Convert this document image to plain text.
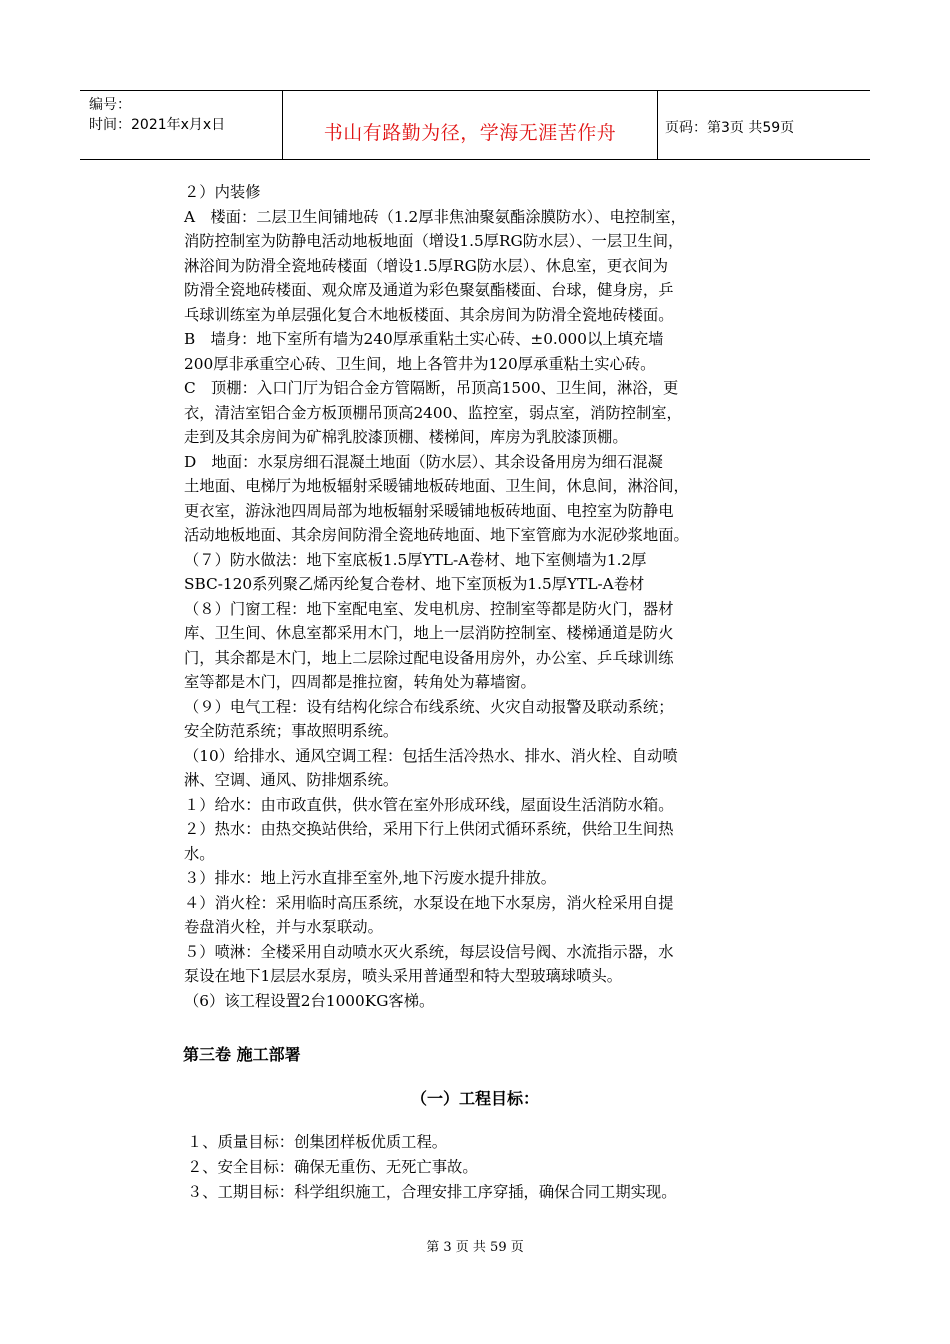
编号：
时间：2021年x月x日	书山有路勤为径，学海无涯苦作舟	页码：第3页 共59页

２）内装修

A　楼面：二层卫生间铺地砖（1.2厚非焦油聚氨酯涂膜防水）、电控制室，

消防控制室为防静电活动地板地面（增设1.5厚RG防水层）、一层卫生间，

淋浴间为防滑全瓷地砖楼面（增设1.5厚RG防水层）、休息室，更衣间为

防滑全瓷地砖楼面、观众席及通道为彩色聚氨酯楼面、台球，健身房，乒

乓球训练室为单层强化复合木地板楼面、其余房间为防滑全瓷地砖楼面。

B　墙身：地下室所有墙为240厚承重粘土实心砖、±0.000以上填充墙

200厚非承重空心砖、卫生间，地上各管井为120厚承重粘土实心砖。

C　顶棚：入口门厅为铝合金方管隔断，吊顶高1500、卫生间，淋浴，更

衣，清洁室铝合金方板顶棚吊顶高2400、监控室，弱点室，消防控制室，

走到及其余房间为矿棉乳胶漆顶棚、楼梯间，库房为乳胶漆顶棚。

D　地面：水泵房细石混凝土地面（防水层）、其余设备用房为细石混凝

土地面、电梯厅为地板辐射采暖铺地板砖地面、卫生间，休息间，淋浴间，

更衣室，游泳池四周局部为地板辐射采暖铺地板砖地面、电控室为防静电

活动地板地面、其余房间防滑全瓷地砖地面、地下室管廊为水泥砂浆地面。

（７）防水做法：地下室底板1.5厚YTL-A卷材、地下室侧墙为1.2厚

SBC-120系列聚乙烯丙纶复合卷材、地下室顶板为1.5厚YTL-A卷材

（８）门窗工程：地下室配电室、发电机房、控制室等都是防火门，器材

库、卫生间、休息室都采用木门，地上一层消防控制室、楼梯通道是防火

门，其余都是木门，地上二层除过配电设备用房外，办公室、乒乓球训练

室等都是木门，四周都是推拉窗，转角处为幕墙窗。

（９）电气工程：设有结构化综合布线系统、火灾自动报警及联动系统；

安全防范系统；事故照明系统。

（10）给排水、通风空调工程：包括生活冷热水、排水、消火栓、自动喷

淋、空调、通风、防排烟系统。

１）给水：由市政直供，供水管在室外形成环线，屋面设生活消防水箱。

２）热水：由热交换站供给，采用下行上供闭式循环系统，供给卫生间热

水。

３）排水：地上污水直排至室外,地下污废水提升排放。

４）消火栓：采用临时高压系统，水泵设在地下水泵房，消火栓采用自提

卷盘消火栓，并与水泵联动。

５）喷淋：全楼采用自动喷水灭火系统，每层设信号阀、水流指示器，水

泵设在地下1层层水泵房，喷头采用普通型和特大型玻璃球喷头。

（6）该工程设置2台1000KG客梯。

第三卷 施工部署
（一）工程目标：

１、质量目标：创集团样板优质工程。

２、安全目标：确保无重伤、无死亡事故。

３、工期目标：科学组织施工，合理安排工序穿插，确保合同工期实现。

第 3 页 共 59 页
